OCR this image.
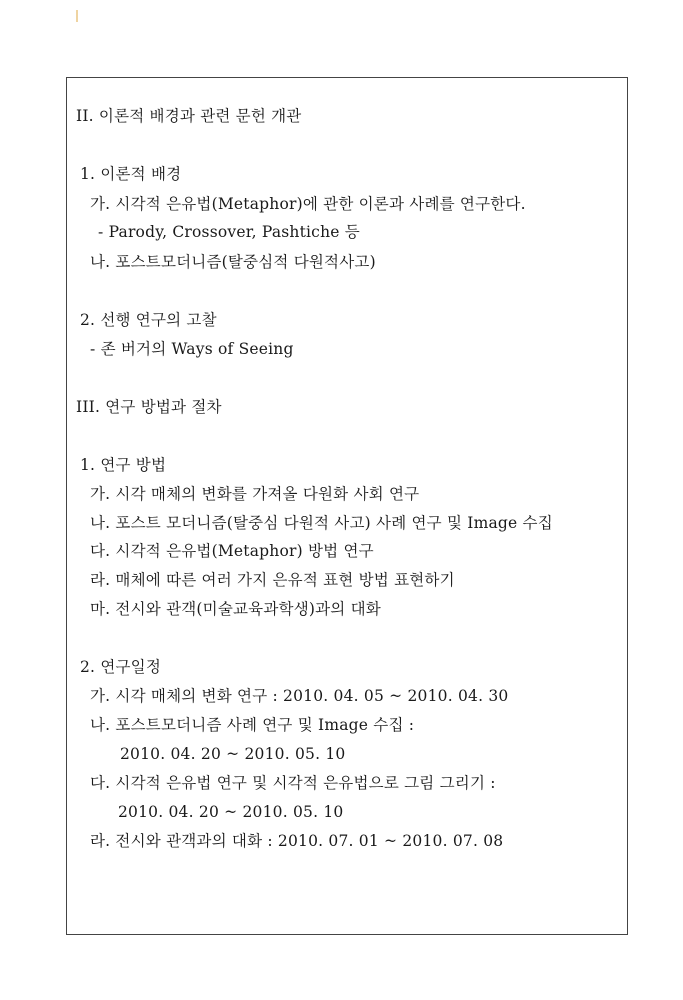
II. 이론적 배경과 관련 문헌 개관
1. 이론적 배경
가. 시각적 은유법(Metaphor)에 관한 이론과 사례를 연구한다.
- Parody, Crossover, Pashtiche 등
나. 포스트모더니즘(탈중심적 다원적사고)
2. 선행 연구의 고찰
- 존 버거의 Ways of Seeing
III. 연구 방법과 절차
1. 연구 방법
가. 시각 매체의 변화를 가져올 다원화 사회 연구
나. 포스트 모더니즘(탈중심 다원적 사고) 사례 연구 및 Image 수집
다. 시각적 은유법(Metaphor) 방법 연구
라. 매체에 따른 여러 가지 은유적 표현 방법 표현하기
마. 전시와 관객(미술교육과학생)과의 대화
2. 연구일정
가. 시각 매체의 변화 연구 : 2010. 04. 05 ~ 2010. 04. 30
나. 포스트모더니즘 사례 연구 및 Image 수집 :
2010. 04. 20 ~ 2010. 05. 10
다. 시각적 은유법 연구 및 시각적 은유법으로 그림 그리기 :
2010. 04. 20 ~ 2010. 05. 10
라. 전시와 관객과의 대화 : 2010. 07. 01 ~ 2010. 07. 08
